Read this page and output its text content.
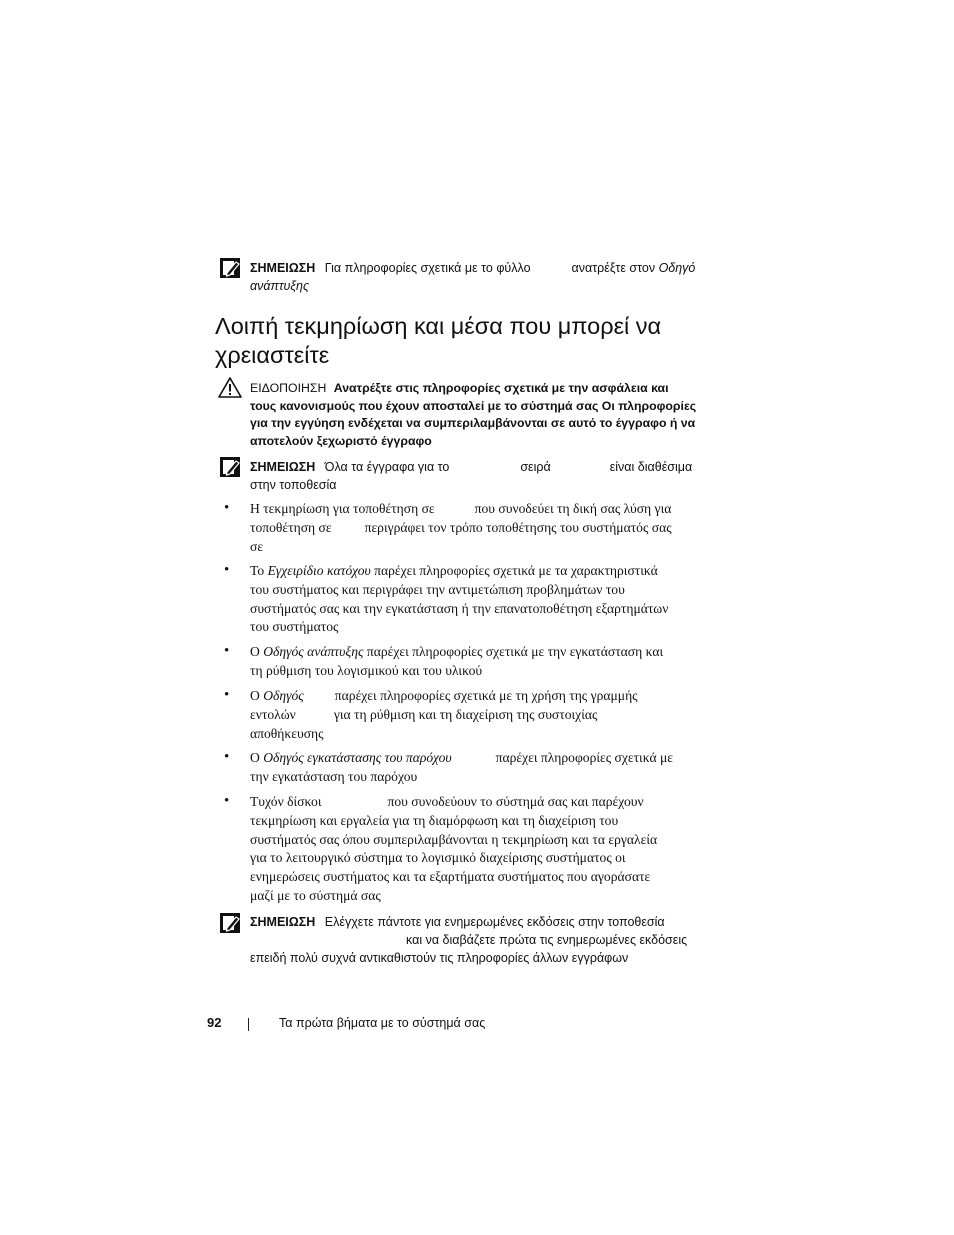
ΣΗΜΕΙΩΣΗ Για πληροφορίες σχετικά με το φύλλο	ανατρέξτε στον Οδηγό
ανάπτυξης
Λοιπή τεκμηρίωση και μέσα που μπορεί να
χρειαστείτε
ΕΙΔΟΠΟΙΗΣΗ Ανατρέξτε στις πληροφορίες σχετικά με την ασφάλεια και
τους κανονισμούς που έχουν αποσταλεί με το σύστημά σας Οι πληροφορίες
για την εγγύηση ενδέχεται να συμπεριλαμβάνονται σε αυτό το έγγραφο ή να
αποτελούν ξεχωριστό έγγραφο
ΣΗΜΕΙΩΣΗ Όλα τα έγγραφα για το	σειρά	είναι διαθέσιμα
στην τοποθεσία
• Η τεκμηρίωση για τοποθέτηση σε	που συνοδεύει τη δική σας λύση για
τοποθέτηση σε περιγράφει τον τρόπο τοποθέτησης του συστήματός σας
σε
• Το Εγχειρίδιο κατόχου παρέχει πληροφορίες σχετικά με τα χαρακτηριστικά
του συστήματος και περιγράφει την αντιμετώπιση προβλημάτων του
συστήματός σας και την εγκατάσταση ή την επανατοποθέτηση εξαρτημάτων
του συστήματος
• Ο Οδηγός ανάπτυξης παρέχει πληροφορίες σχετικά με την εγκατάσταση και
τη ρύθμιση του λογισμικού και του υλικού
• Ο Οδηγός παρέχει πληροφορίες σχετικά με τη χρήση της γραμμής
εντολών	για τη ρύθμιση και τη διαχείριση της συστοιχίας
αποθήκευσης
• Ο Οδηγός εγκατάστασης του παρόχου	παρέχει πληροφορίες σχετικά με
την εγκατάσταση του παρόχου
• Τυχόν δίσκοι	που συνοδεύουν το σύστημά σας και παρέχουν
τεκμηρίωση και εργαλεία για τη διαμόρφωση και τη διαχείριση του
συστήματός σας όπου συμπεριλαμβάνονται η τεκμηρίωση και τα εργαλεία
για το λειτουργικό σύστημα το λογισμικό διαχείρισης συστήματος οι
ενημερώσεις συστήματος και τα εξαρτήματα συστήματος που αγοράσατε
μαζί με το σύστημά σας
ΣΗΜΕΙΩΣΗ Ελέγχετε πάντοτε για ενημερωμένες εκδόσεις στην τοποθεσία
και να διαβάζετε πρώτα τις ενημερωμένες εκδόσεις
επειδή πολύ συχνά αντικαθιστούν τις πληροφορίες άλλων εγγράφων
92	Τα πρώτα βήματα με το σύστημά σας
